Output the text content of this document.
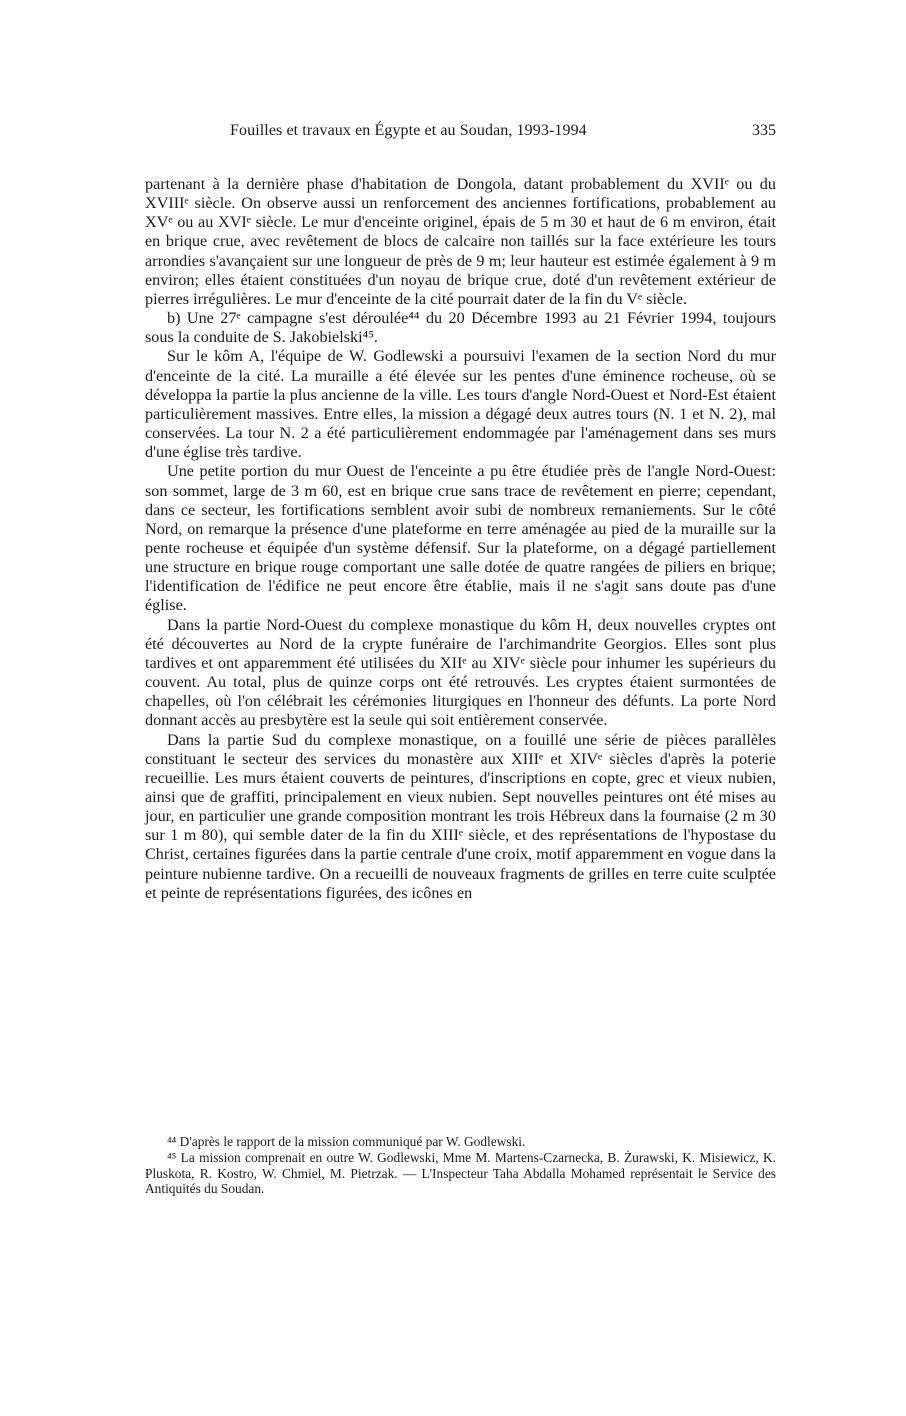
Fouilles et travaux en Égypte et au Soudan, 1993-1994	335

partenant à la dernière phase d'habitation de Dongola, datant probablement du XVIIᵉ ou du XVIIIᵉ siècle. On observe aussi un renforcement des anciennes fortifications, probablement au XVᵉ ou au XVIᵉ siècle. Le mur d'enceinte originel, épais de 5 m 30 et haut de 6 m environ, était en brique crue, avec revêtement de blocs de calcaire non taillés sur la face extérieure les tours arrondies s'avançaient sur une longueur de près de 9 m; leur hauteur est estimée également à 9 m environ; elles étaient constituées d'un noyau de brique crue, doté d'un revêtement extérieur de pierres irrégulières. Le mur d'enceinte de la cité pourrait dater de la fin du Vᵉ siècle.

b) Une 27ᵉ campagne s'est déroulée⁴⁴ du 20 Décembre 1993 au 21 Février 1994, toujours sous la conduite de S. Jakobielski⁴⁵.

Sur le kôm A, l'équipe de W. Godlewski a poursuivi l'examen de la section Nord du mur d'enceinte de la cité. La muraille a été élevée sur les pentes d'une éminence rocheuse, où se développa la partie la plus ancienne de la ville. Les tours d'angle Nord-Ouest et Nord-Est étaient particulièrement massives. Entre elles, la mission a dégagé deux autres tours (N. 1 et N. 2), mal conservées. La tour N. 2 a été particulièrement endommagée par l'aménagement dans ses murs d'une église très tardive.

Une petite portion du mur Ouest de l'enceinte a pu être étudiée près de l'angle Nord-Ouest: son sommet, large de 3 m 60, est en brique crue sans trace de revêtement en pierre; cependant, dans ce secteur, les fortifications semblent avoir subi de nombreux remaniements. Sur le côté Nord, on remarque la présence d'une plateforme en terre aménagée au pied de la muraille sur la pente rocheuse et équipée d'un système défensif. Sur la plateforme, on a dégagé partiellement une structure en brique rouge comportant une salle dotée de quatre rangées de piliers en brique; l'identification de l'édifice ne peut encore être établie, mais il ne s'agit sans doute pas d'une église.

Dans la partie Nord-Ouest du complexe monastique du kôm H, deux nouvelles cryptes ont été découvertes au Nord de la crypte funéraire de l'archimandrite Georgios. Elles sont plus tardives et ont apparemment été utilisées du XIIᵉ au XIVᵉ siècle pour inhumer les supérieurs du couvent. Au total, plus de quinze corps ont été retrouvés. Les cryptes étaient surmontées de chapelles, où l'on célébrait les cérémonies liturgiques en l'honneur des défunts. La porte Nord donnant accès au presbytère est la seule qui soit entièrement conservée.

Dans la partie Sud du complexe monastique, on a fouillé une série de pièces parallèles constituant le secteur des services du monastère aux XIIIᵉ et XIVᵉ siècles d'après la poterie recueillie. Les murs étaient couverts de peintures, d'inscriptions en copte, grec et vieux nubien, ainsi que de graffiti, principalement en vieux nubien. Sept nouvelles peintures ont été mises au jour, en particulier une grande composition montrant les trois Hébreux dans la fournaise (2 m 30 sur 1 m 80), qui semble dater de la fin du XIIIᵉ siècle, et des représentations de l'hypostase du Christ, certaines figurées dans la partie centrale d'une croix, motif apparemment en vogue dans la peinture nubienne tardive. On a recueilli de nouveaux fragments de grilles en terre cuite sculptée et peinte de représentations figurées, des icônes en

⁴⁴ D'après le rapport de la mission communiqué par W. Godlewski.

⁴⁵ La mission comprenait en outre W. Godlewski, Mme M. Martens-Czarnecka, B. Żurawski, K. Misiewicz, K. Pluskota, R. Kostro, W. Chmiel, M. Pietrzak. — L'Inspecteur Taha Abdalla Mohamed représentait le Service des Antiquités du Soudan.
